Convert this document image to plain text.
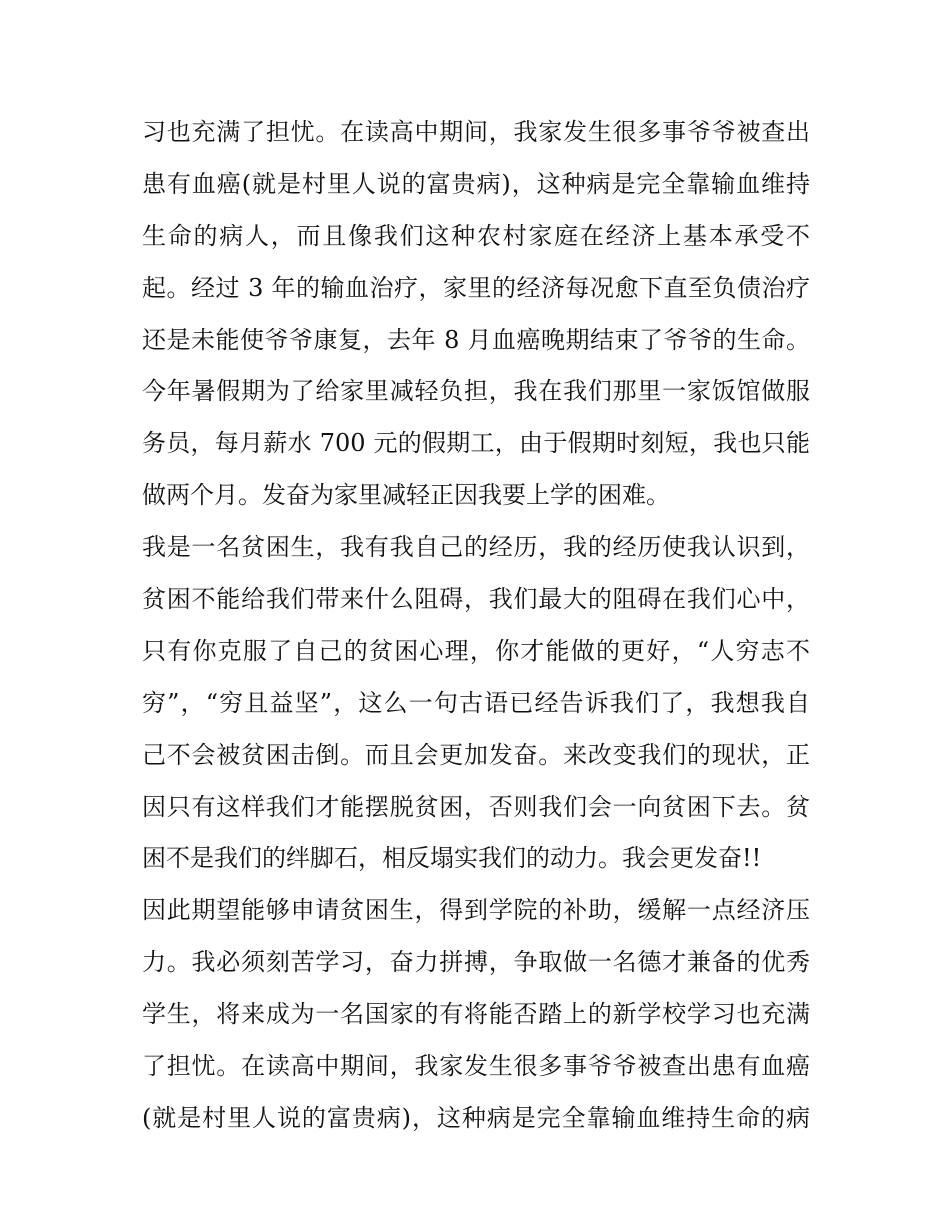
习也充满了担忧。在读高中期间，我家发生很多事爷爷被查出
患有血癌(就是村里人说的富贵病)，这种病是完全靠输血维持
生命的病人，而且像我们这种农村家庭在经济上基本承受不
起。经过 3 年的输血治疗，家里的经济每况愈下直至负债治疗
还是未能使爷爷康复，去年 8 月血癌晚期结束了爷爷的生命。
今年暑假期为了给家里减轻负担，我在我们那里一家饭馆做服
务员，每月薪水 700 元的假期工，由于假期时刻短，我也只能
做两个月。发奋为家里减轻正因我要上学的困难。
我是一名贫困生，我有我自己的经历，我的经历使我认识到，
贫困不能给我们带来什么阻碍，我们最大的阻碍在我们心中，
只有你克服了自己的贫困心理，你才能做的更好，“人穷志不
穷”，“穷且益坚”，这么一句古语已经告诉我们了，我想我自
己不会被贫困击倒。而且会更加发奋。来改变我们的现状，正
因只有这样我们才能摆脱贫困，否则我们会一向贫困下去。贫
困不是我们的绊脚石，相反塌实我们的动力。我会更发奋!!
因此期望能够申请贫困生，得到学院的补助，缓解一点经济压
力。我必须刻苦学习，奋力拼搏，争取做一名德才兼备的优秀
学生，将来成为一名国家的有将能否踏上的新学校学习也充满
了担忧。在读高中期间，我家发生很多事爷爷被查出患有血癌
(就是村里人说的富贵病)，这种病是完全靠输血维持生命的病
